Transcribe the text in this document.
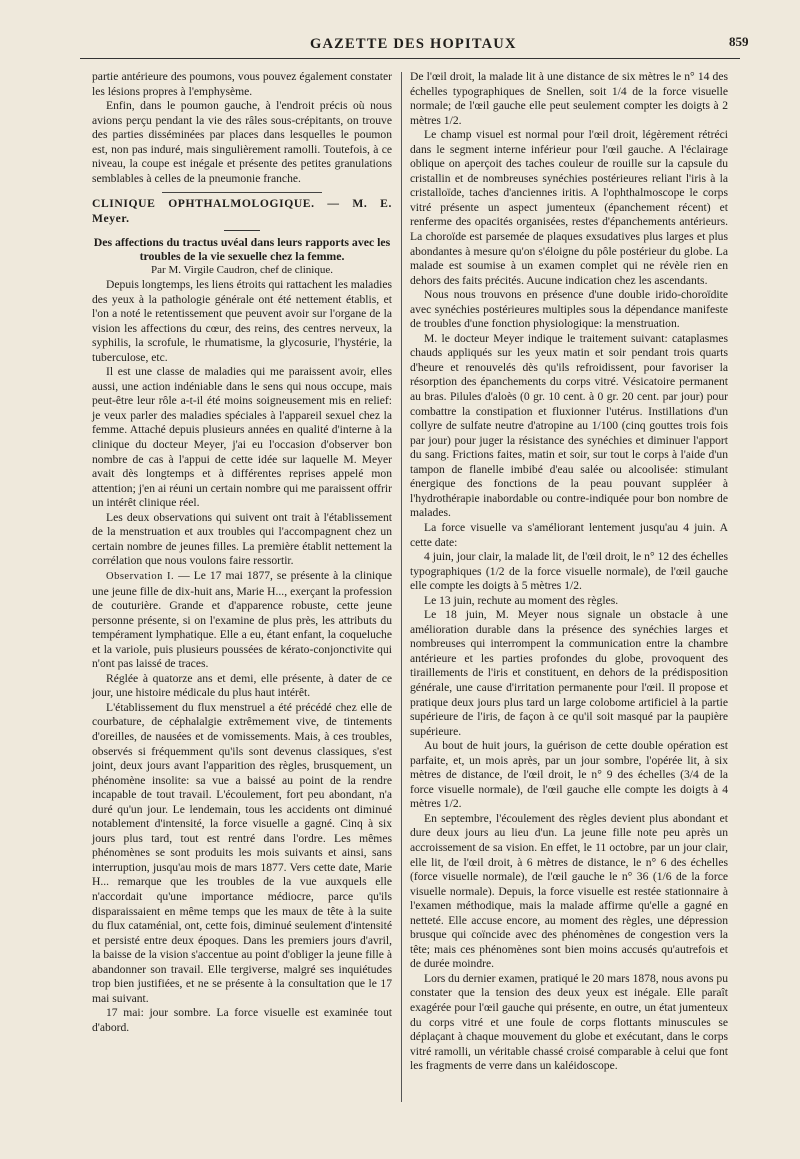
GAZETTE DES HOPITAUX	859

partie antérieure des poumons, vous pouvez également constater les lésions propres à l'emphysème.

Enfin, dans le poumon gauche, à l'endroit précis où nous avions perçu pendant la vie des râles sous-crépitants, on trouve des parties disséminées par places dans lesquelles le poumon est, non pas induré, mais singulièrement ramolli. Toutefois, à ce niveau, la coupe est inégale et présente des petites granulations semblables à celles de la pneumonie franche.

CLINIQUE OPHTHALMOLOGIQUE. — M. E. Meyer.

Des affections du tractus uvéal dans leurs rapports avec les troubles de la vie sexuelle chez la femme.

Par M. Virgile Caudron, chef de clinique.

Depuis longtemps, les liens étroits qui rattachent les maladies des yeux à la pathologie générale ont été nettement établis, et l'on a noté le retentissement que peuvent avoir sur l'organe de la vision les affections du cœur, des reins, des centres nerveux, la syphilis, la scrofule, le rhumatisme, la glycosurie, l'hystérie, la tuberculose, etc.

Il est une classe de maladies qui me paraissent avoir, elles aussi, une action indéniable dans le sens qui nous occupe, mais peut-être leur rôle a-t-il été moins soigneusement mis en relief: je veux parler des maladies spéciales à l'appareil sexuel chez la femme. Attaché depuis plusieurs années en qualité d'interne à la clinique du docteur Meyer, j'ai eu l'occasion d'observer bon nombre de cas à l'appui de cette idée sur laquelle M. Meyer avait dès longtemps et à différentes reprises appelé mon attention; j'en ai réuni un certain nombre qui me paraissent offrir un intérêt clinique réel.

Les deux observations qui suivent ont trait à l'établissement de la menstruation et aux troubles qui l'accompagnent chez un certain nombre de jeunes filles. La première établit nettement la corrélation que nous voulons faire ressortir.

Observation I. — Le 17 mai 1877, se présente à la clinique une jeune fille de dix-huit ans, Marie H..., exerçant la profession de couturière. Grande et d'apparence robuste, cette jeune personne présente, si on l'examine de plus près, les attributs du tempérament lymphatique. Elle a eu, étant enfant, la coqueluche et la variole, puis plusieurs poussées de kérato-conjonctivite qui n'ont pas laissé de traces.

Réglée à quatorze ans et demi, elle présente, à dater de ce jour, une histoire médicale du plus haut intérêt.

L'établissement du flux menstruel a été précédé chez elle de courbature, de céphalalgie extrêmement vive, de tintements d'oreilles, de nausées et de vomissements. Mais, à ces troubles, observés si fréquemment qu'ils sont devenus classiques, s'est joint, deux jours avant l'apparition des règles, brusquement, un phénomène insolite: sa vue a baissé au point de la rendre incapable de tout travail. L'écoulement, fort peu abondant, n'a duré qu'un jour. Le lendemain, tous les accidents ont diminué notablement d'intensité, la force visuelle a gagné. Cinq à six jours plus tard, tout est rentré dans l'ordre. Les mêmes phénomènes se sont produits les mois suivants et ainsi, sans interruption, jusqu'au mois de mars 1877. Vers cette date, Marie H... remarque que les troubles de la vue auxquels elle n'accordait qu'une importance médiocre, parce qu'ils disparaissaient en même temps que les maux de tête à la suite du flux cataménial, ont, cette fois, diminué seulement d'intensité et persisté entre deux époques. Dans les premiers jours d'avril, la baisse de la vision s'accentue au point d'obliger la jeune fille à abandonner son travail. Elle tergiverse, malgré ses inquiétudes trop bien justifiées, et ne se présente à la consultation que le 17 mai suivant.

17 mai: jour sombre. La force visuelle est examinée tout d'abord.

De l'œil droit, la malade lit à une distance de six mètres le n° 14 des échelles typographiques de Snellen, soit 1/4 de la force visuelle normale; de l'œil gauche elle peut seulement compter les doigts à 2 mètres 1/2.

Le champ visuel est normal pour l'œil droit, légèrement rétréci dans le segment interne inférieur pour l'œil gauche. A l'éclairage oblique on aperçoit des taches couleur de rouille sur la capsule du cristallin et de nombreuses synéchies postérieures reliant l'iris à la cristalloïde, taches d'anciennes iritis. A l'ophthalmoscope le corps vitré présente un aspect jumenteux (épanchement récent) et renferme des opacités organisées, restes d'épanchements antérieurs. La choroïde est parsemée de plaques exsudatives plus larges et plus abondantes à mesure qu'on s'éloigne du pôle postérieur du globe. La malade est soumise à un examen complet qui ne révèle rien en dehors des faits précités. Aucune indication chez les ascendants.

Nous nous trouvons en présence d'une double irido-choroïdite avec synéchies postérieures multiples sous la dépendance manifeste de troubles d'une fonction physiologique: la menstruation.

M. le docteur Meyer indique le traitement suivant: cataplasmes chauds appliqués sur les yeux matin et soir pendant trois quarts d'heure et renouvelés dès qu'ils refroidissent, pour favoriser la résorption des épanchements du corps vitré. Vésicatoire permanent au bras. Pilules d'aloès (0 gr. 10 cent. à 0 gr. 20 cent. par jour) pour combattre la constipation et fluxionner l'utérus. Instillations d'un collyre de sulfate neutre d'atropine au 1/100 (cinq gouttes trois fois par jour) pour juger la résistance des synéchies et diminuer l'apport du sang. Frictions faites, matin et soir, sur tout le corps à l'aide d'un tampon de flanelle imbibé d'eau salée ou alcoolisée: stimulant énergique des fonctions de la peau pouvant suppléer à l'hydrothérapie inabordable ou contre-indiquée pour bon nombre de malades.

La force visuelle va s'améliorant lentement jusqu'au 4 juin. A cette date:

4 juin, jour clair, la malade lit, de l'œil droit, le n° 12 des échelles typographiques (1/2 de la force visuelle normale), de l'œil gauche elle compte les doigts à 5 mètres 1/2.

Le 13 juin, rechute au moment des règles.

Le 18 juin, M. Meyer nous signale un obstacle à une amélioration durable dans la présence des synéchies larges et nombreuses qui interrompent la communication entre la chambre antérieure et les parties profondes du globe, provoquent des tiraillements de l'iris et constituent, en dehors de la prédisposition générale, une cause d'irritation permanente pour l'œil. Il propose et pratique deux jours plus tard un large colobome artificiel à la partie supérieure de l'iris, de façon à ce qu'il soit masqué par la paupière supérieure.

Au bout de huit jours, la guérison de cette double opération est parfaite, et, un mois après, par un jour sombre, l'opérée lit, à six mètres de distance, de l'œil droit, le n° 9 des échelles (3/4 de la force visuelle normale), de l'œil gauche elle compte les doigts à 4 mètres 1/2.

En septembre, l'écoulement des règles devient plus abondant et dure deux jours au lieu d'un. La jeune fille note peu après un accroissement de sa vision. En effet, le 11 octobre, par un jour clair, elle lit, de l'œil droit, à 6 mètres de distance, le n° 6 des échelles (force visuelle normale), de l'œil gauche le n° 36 (1/6 de la force visuelle normale). Depuis, la force visuelle est restée stationnaire à l'examen méthodique, mais la malade affirme qu'elle a gagné en netteté. Elle accuse encore, au moment des règles, une dépression brusque qui coïncide avec des phénomènes de congestion vers la tête; mais ces phénomènes sont bien moins accusés qu'autrefois et de durée moindre.

Lors du dernier examen, pratiqué le 20 mars 1878, nous avons pu constater que la tension des deux yeux est inégale. Elle paraît exagérée pour l'œil gauche qui présente, en outre, un état jumenteux du corps vitré et une foule de corps flottants minuscules se déplaçant à chaque mouvement du globe et exécutant, dans le corps vitré ramolli, un véritable chassé croisé comparable à celui que font les fragments de verre dans un kaléidoscope.
